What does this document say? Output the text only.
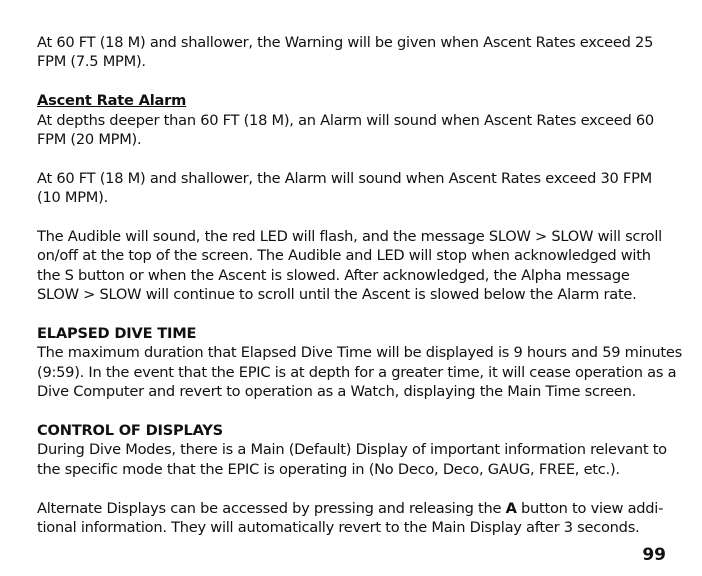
At 60 FT (18 M) and shallower, the Warning will be given when Ascent Rates exceed 25
FPM (7.5 MPM).

Ascent Rate Alarm

At depths deeper than 60 FT (18 M), an Alarm will sound when Ascent Rates exceed 60
FPM (20 MPM).

At 60 FT (18 M) and shallower, the Alarm will sound when Ascent Rates exceed 30 FPM
(10 MPM).

The Audible will sound, the red LED will flash, and the message SLOW > SLOW will scroll
on/off at the top of the screen. The Audible and LED will stop when acknowledged with
the S button or when the Ascent is slowed. After acknowledged, the Alpha message
SLOW > SLOW will continue to scroll until the Ascent is slowed below the Alarm rate.

ELAPSED DIVE TIME

The maximum duration that Elapsed Dive Time will be displayed is 9 hours and 59 minutes
(9:59). In the event that the EPIC is at depth for a greater time, it will cease operation as a
Dive Computer and revert to operation as a Watch, displaying the Main Time screen.

CONTROL OF DISPLAYS

During Dive Modes, there is a Main (Default) Display of important information relevant to
the specific mode that the EPIC is operating in (No Deco, Deco, GAUG, FREE, etc.).

Alternate Displays can be accessed by pressing and releasing the A button to view addi-
tional information. They will automatically revert to the Main Display after 3 seconds.

99
